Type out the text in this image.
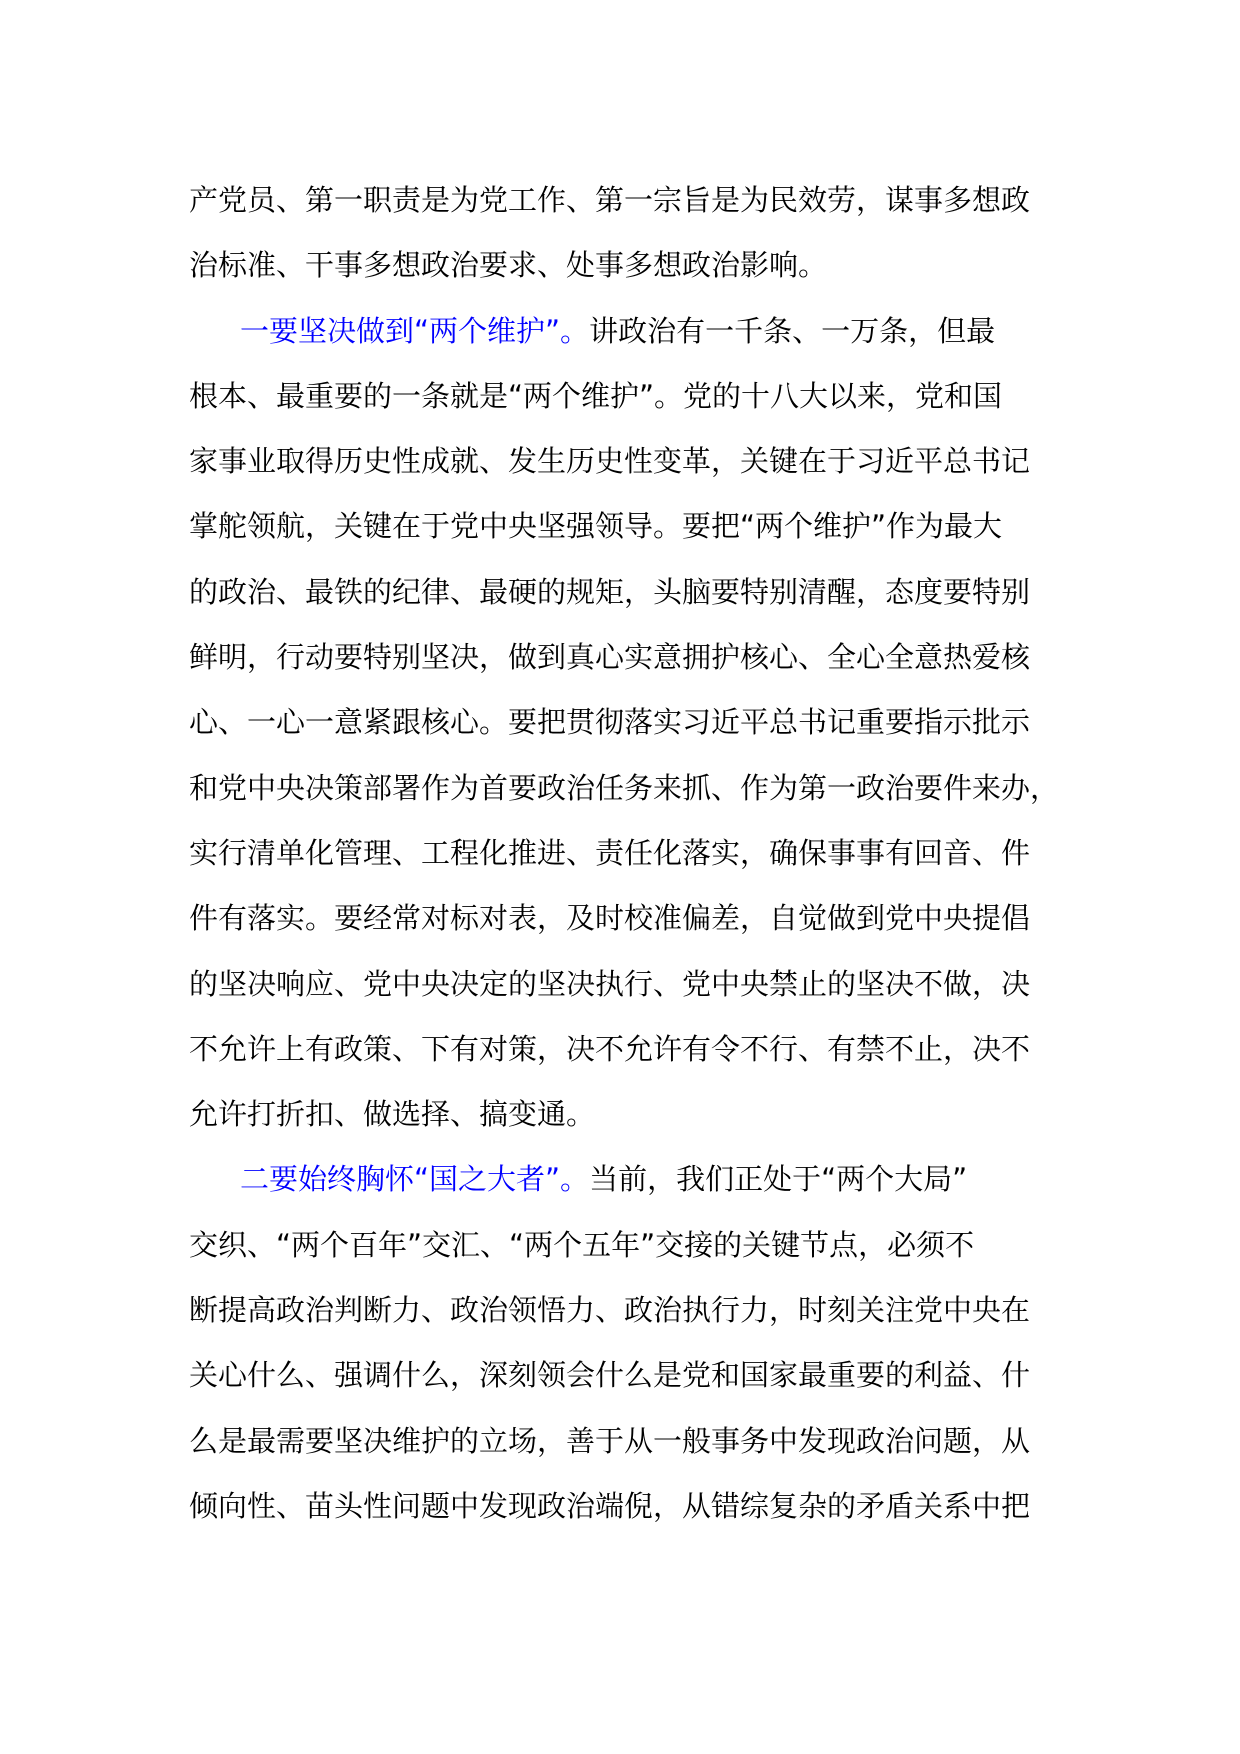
产党员、第一职责是为党工作、第一宗旨是为民效劳，谋事多想政

治标准、干事多想政治要求、处事多想政治影响。

一要坚决做到“两个维护”。讲政治有一千条、一万条，但最

根本、最重要的一条就是“两个维护”。党的十八大以来，党和国

家事业取得历史性成就、发生历史性变革，关键在于习近平总书记

掌舵领航，关键在于党中央坚强领导。要把“两个维护”作为最大

的政治、最铁的纪律、最硬的规矩，头脑要特别清醒，态度要特别

鲜明，行动要特别坚决，做到真心实意拥护核心、全心全意热爱核

心、一心一意紧跟核心。要把贯彻落实习近平总书记重要指示批示

和党中央决策部署作为首要政治任务来抓、作为第一政治要件来办，

实行清单化管理、工程化推进、责任化落实，确保事事有回音、件

件有落实。要经常对标对表，及时校准偏差，自觉做到党中央提倡

的坚决响应、党中央决定的坚决执行、党中央禁止的坚决不做，决

不允许上有政策、下有对策，决不允许有令不行、有禁不止，决不

允许打折扣、做选择、搞变通。

二要始终胸怀“国之大者”。当前，我们正处于“两个大局”

交织、“两个百年”交汇、“两个五年”交接的关键节点，必须不

断提高政治判断力、政治领悟力、政治执行力，时刻关注党中央在

关心什么、强调什么，深刻领会什么是党和国家最重要的利益、什

么是最需要坚决维护的立场，善于从一般事务中发现政治问题，从

倾向性、苗头性问题中发现政治端倪，从错综复杂的矛盾关系中把
